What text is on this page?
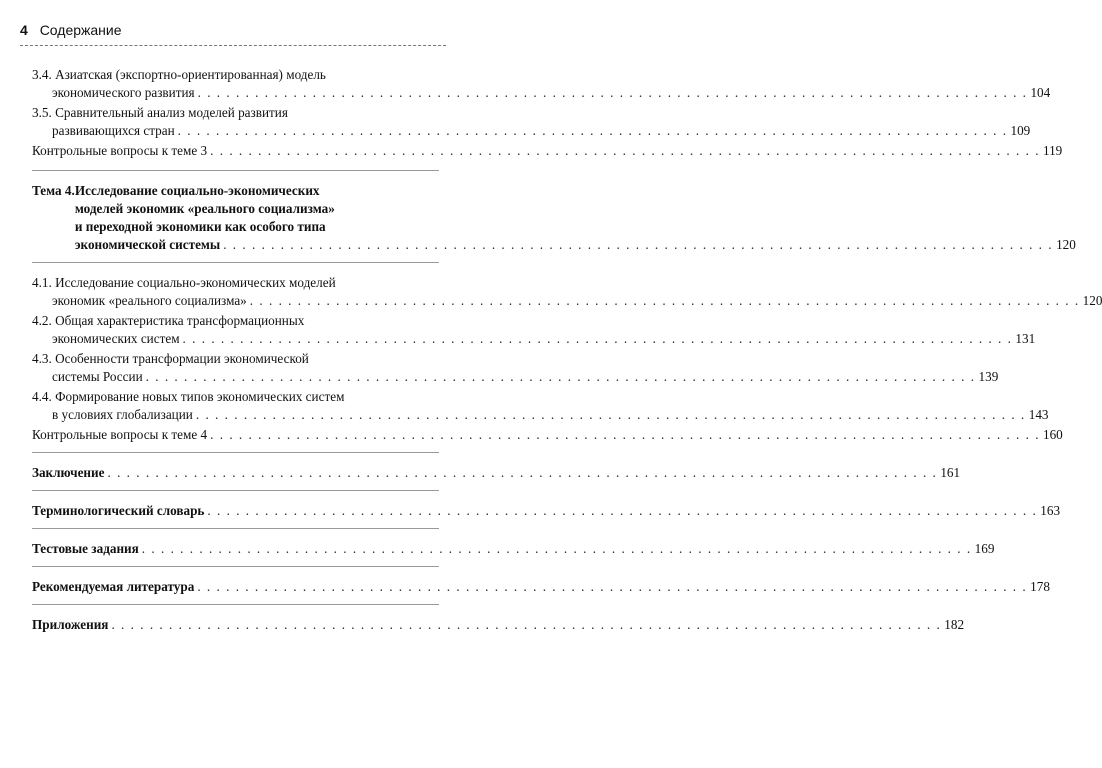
4 Содержание
3.4. Азиатская (экспортно-ориентированная) модель
экономического развития . . .	104
3.5. Сравнительный анализ моделей развития
развивающихся стран . . .	109
Контрольные вопросы к теме 3 . . .	119
Тема 4. Исследование социально-экономических
моделей экономик «реального социализма»
и переходной экономики как особого типа
экономической системы . . .	120
4.1. Исследование социально-экономических моделей
экономик «реального социализма» . . .	120
4.2. Общая характеристика трансформационных
экономических систем . . .	131
4.3. Особенности трансформации экономической
системы России . . .	139
4.4. Формирование новых типов экономических систем
в условиях глобализации . . .	143
Контрольные вопросы к теме 4 . . .	160
Заключение . . .	161
Терминологический словарь . . .	163
Тестовые задания . . .	169
Рекомендуемая литература . . .	178
Приложения . . .	182
